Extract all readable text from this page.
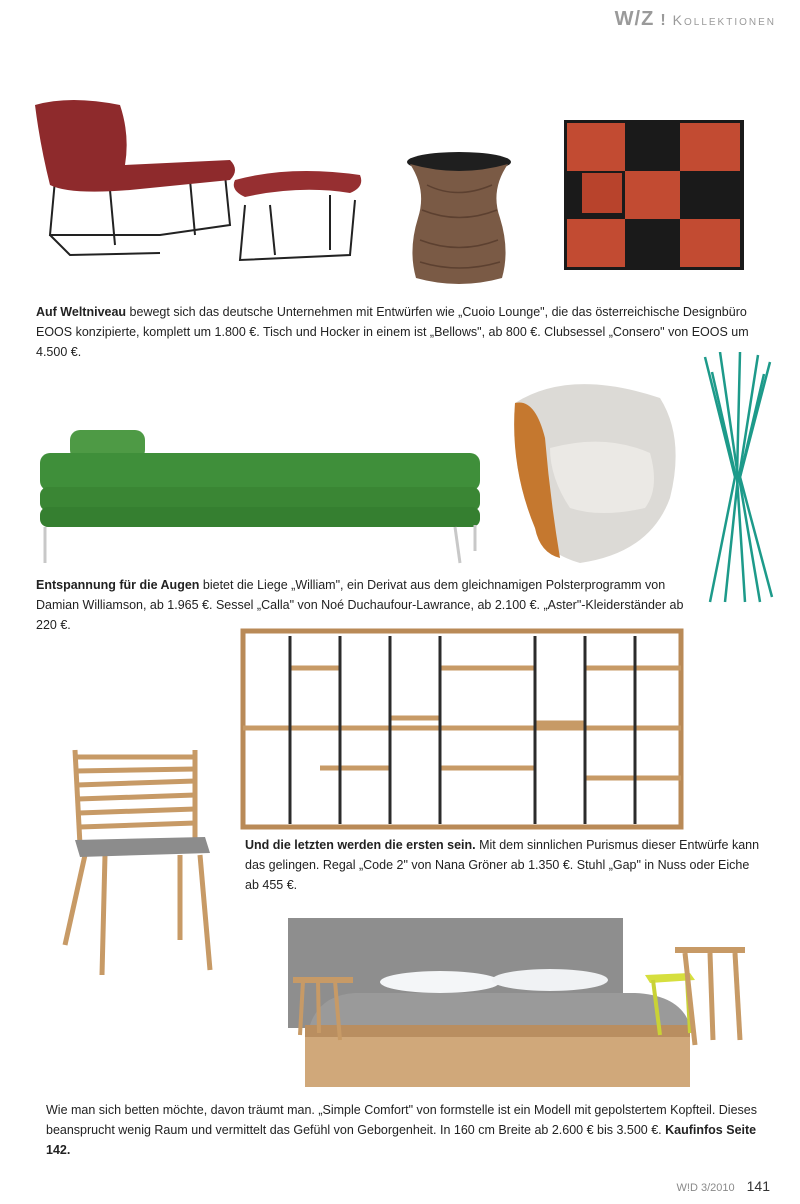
W/Z ! Kollektionen
Auf Weltniveau bewegt sich das deutsche Unternehmen mit Entwürfen wie „Cuoio Lounge", die das österreichische Designbüro EOOS konzipierte, komplett um 1.800 €. Tisch und Hocker in einem ist „Bellows", ab 800 €. Clubsessel „Consero" von EOOS um 4.500 €.
Entspannung für die Augen bietet die Liege „William", ein Derivat aus dem gleichnamigen Polsterprogramm von Damian Williamson, ab 1.965 €. Sessel „Calla" von Noé Duchaufour-Lawrance, ab 2.100 €. „Aster"-Kleiderständer ab 220 €.
Und die letzten werden die ersten sein. Mit dem sinnlichen Purismus dieser Entwürfe kann das gelingen. Regal „Code 2" von Nana Gröner ab 1.350 €. Stuhl „Gap" in Nuss oder Eiche ab 455 €.
Wie man sich betten möchte, davon träumt man. „Simple Comfort" von formstelle ist ein Modell mit gepolstertem Kopfteil. Dieses beansprucht wenig Raum und vermittelt das Gefühl von Geborgenheit. In 160 cm Breite ab 2.600 € bis 3.500 €. Kaufinfos Seite 142.
W!D 3/2010 141
